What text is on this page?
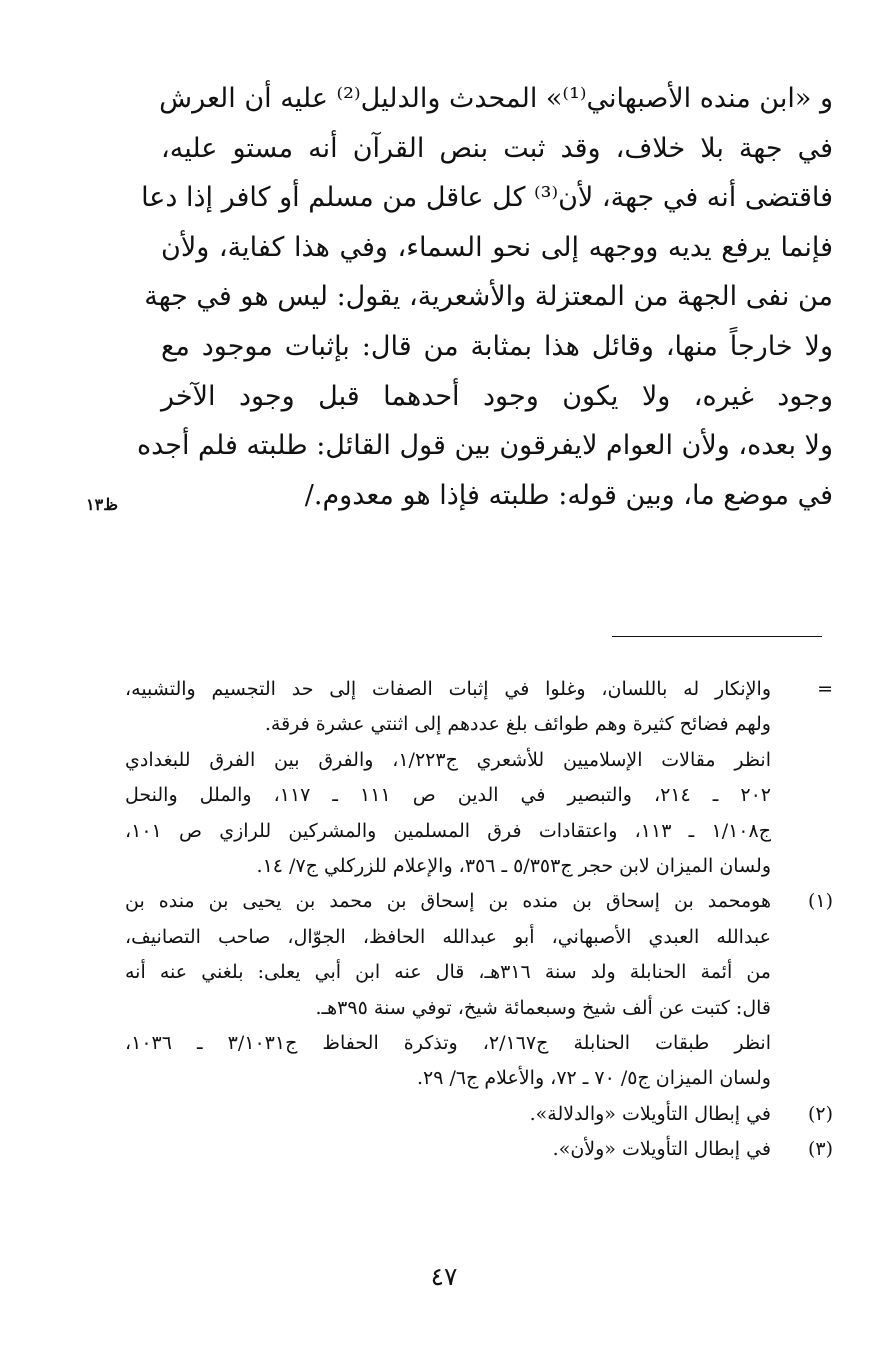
و «ابن منده الأصبهاني⁽¹⁾» المحدث والدليل⁽²⁾ عليه أن العرش
في جهة بلا خلاف، وقد ثبت بنص القرآن أنه مستو عليه،
فاقتضى أنه في جهة، لأن⁽³⁾ كل عاقل من مسلم أو كافر إذا دعا
فإنما يرفع يديه ووجهه إلى نحو السماء، وفي هذا كفاية، ولأن
من نفى الجهة من المعتزلة والأشعرية، يقول: ليس هو في جهة
ولا خارجاً منها، وقائل هذا بمثابة من قال: بإثبات موجود مع
وجود غيره، ولا يكون وجود أحدهما قبل وجود الآخر
ولا بعده، ولأن العوام لايفرقون بين قول القائل: طلبته فلم أجده
في موضع ما، وبين قوله: طلبته فإذا هو معدوم./
ظ١٣
=
والإنكار له باللسان، وغلوا في إثبات الصفات إلى حد التجسيم والتشبيه،
ولهم فضائح كثيرة وهم طوائف بلغ عددهم إلى اثنتي عشرة فرقة.
انظر مقالات الإسلاميين للأشعري ج١/٢٢٣، والفرق بين الفرق للبغدادي
٢٠٢ ـ ٢١٤، والتبصير في الدين ص ١١١ ـ ١١٧، والملل والنحل
ج١/١٠٨ ـ ١١٣، واعتقادات فرق المسلمين والمشركين للرازي ص ١٠١،
ولسان الميزان لابن حجر ج٥/٣٥٣ ـ ٣٥٦، والإعلام للزركلي ج٧/ ١٤.
(١)
هومحمد بن إسحاق بن منده بن إسحاق بن محمد بن يحيى بن منده بن
عبدالله العبدي الأصبهاني، أبو عبدالله الحافظ، الجوّال، صاحب التصانيف،
من أئمة الحنابلة ولد سنة ٣١٦هـ، قال عنه ابن أبي يعلى: بلغني عنه أنه
قال: كتبت عن ألف شيخ وسبعمائة شيخ، توفي سنة ٣٩٥هـ.
انظر طبقات الحنابلة ج٢/١٦٧، وتذكرة الحفاظ ج٣/١٠٣١ ـ ١٠٣٦،
ولسان الميزان ج٥/ ٧٠ ـ ٧٢، والأعلام ج٦/ ٢٩.
(٢)
في إبطال التأويلات «والدلالة».
(٣)
في إبطال التأويلات «ولأن».
٤٧
